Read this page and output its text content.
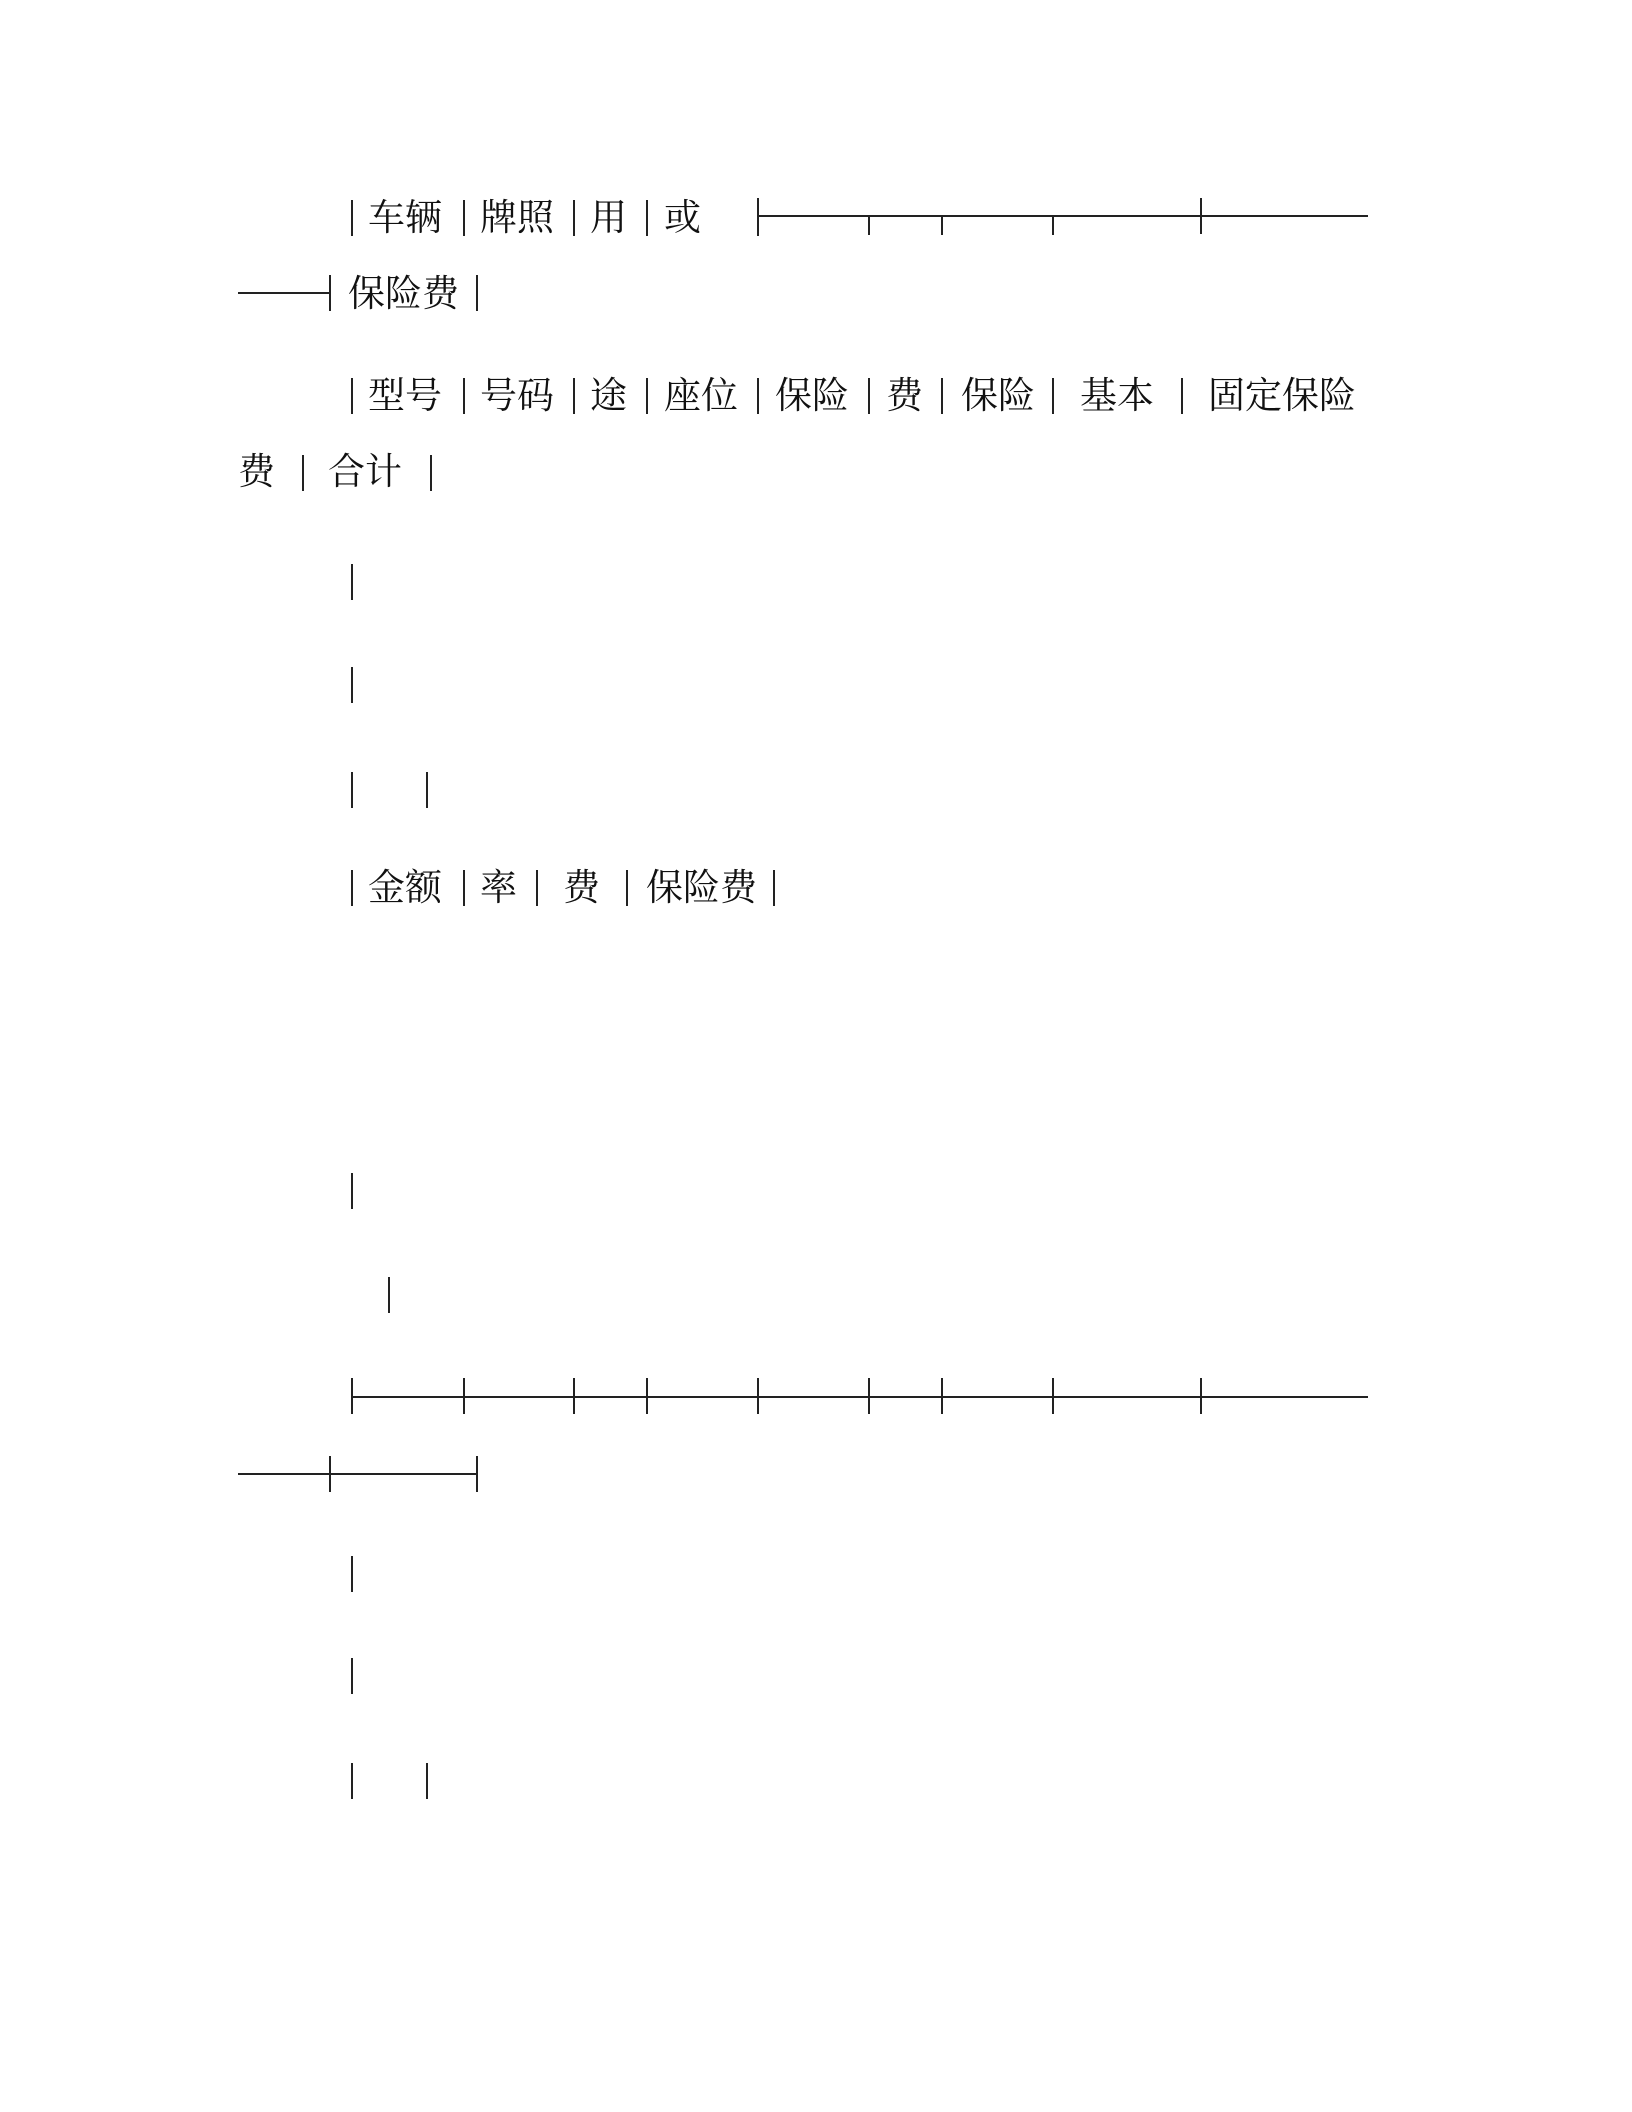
车辆 牌照 用 或
保险费
型号 号码 途 座位 保险 费 保险 基本 固定保险
费 合计
金额 率 费 保险费
